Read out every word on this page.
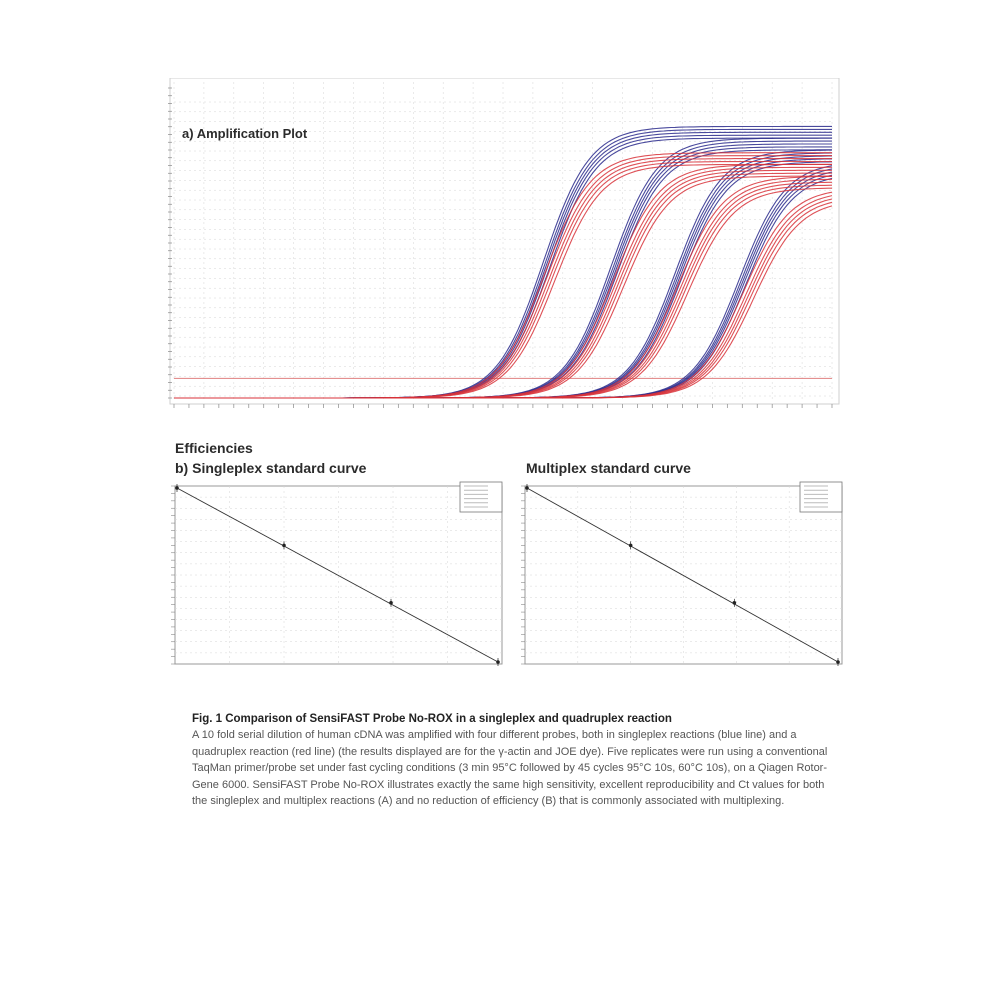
a) Amplification Plot
Efficiencies
b) Singleplex standard curve	Multiplex standard curve

Fig. 1 Comparison of SensiFAST Probe No-ROX in a singleplex and quadruplex reaction

A 10 fold serial dilution of human cDNA was amplified with four different probes, both in singleplex reactions (blue line) and a quadruplex reaction (red line) (the results displayed are for the γ-actin and JOE dye). Five replicates were run using a conventional TaqMan primer/probe set under fast cycling conditions (3 min 95°C followed by 45 cycles 95°C 10s, 60°C 10s), on a Qiagen Rotor-Gene 6000. SensiFAST Probe No-ROX illustrates exactly the same high sensitivity, excellent reproducibility and Ct values for both the singleplex and multiplex reactions (A) and no reduction of efficiency (B) that is commonly associated with multiplexing.
